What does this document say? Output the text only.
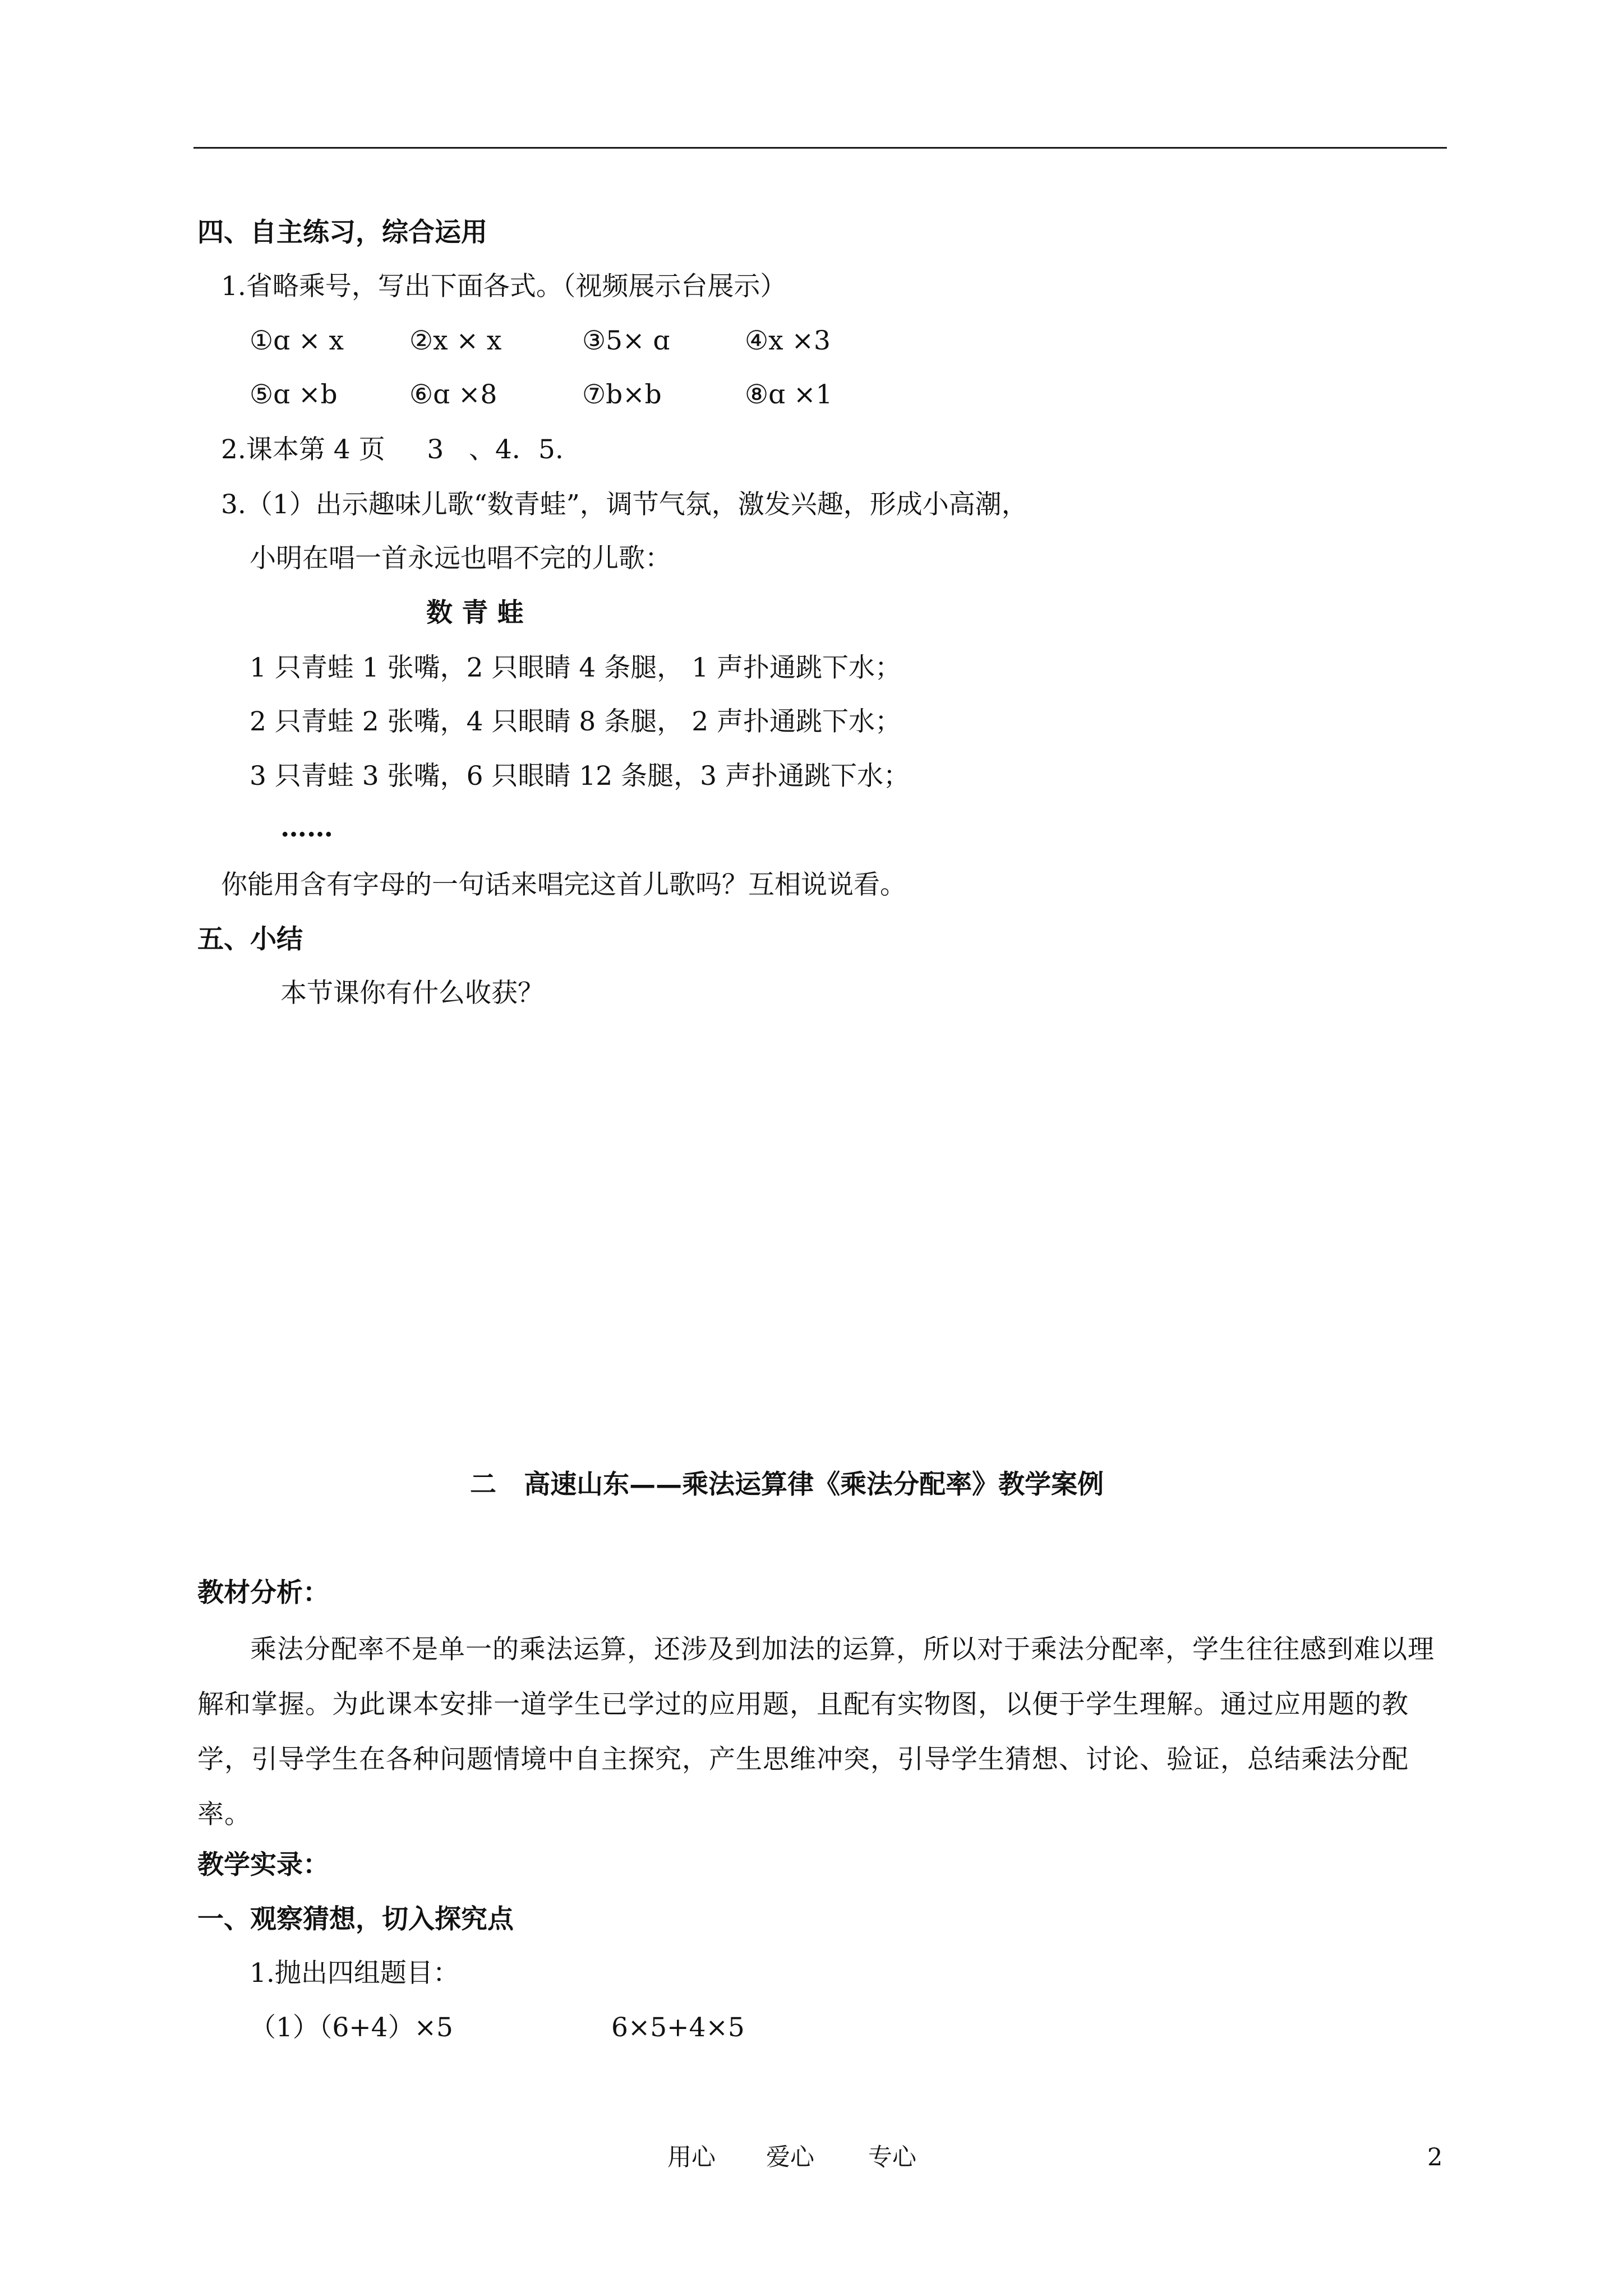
四、自主练习，综合运用
1.省略乘号，写出下面各式。（视频展示台展示）
①ɑ × x ②x × x	③5× ɑ	④x ×3
⑤ɑ ×b	⑥ɑ ×8	⑦b×b	⑧ɑ ×1
2.课本第 4 页     3   、4．5.
3.（1）出示趣味儿歌“数青蛙”，调节气氛，激发兴趣，形成小高潮，
小明在唱一首永远也唱不完的儿歌：
数 青 蛙
1 只青蛙 1 张嘴，2 只眼睛 4 条腿， 1 声扑通跳下水；
2 只青蛙 2 张嘴，4 只眼睛 8 条腿， 2 声扑通跳下水；
3 只青蛙 3 张嘴，6 只眼睛 12 条腿，3 声扑通跳下水；
……
你能用含有字母的一句话来唱完这首儿歌吗？互相说说看。
五、小结
本节课你有什么收获？
二   高速山东——乘法运算律《乘法分配率》教学案例
教材分析：
乘法分配率不是单一的乘法运算，还涉及到加法的运算，所以对于乘法分配率，学生往往感到难以理解和掌握。为此课本安排一道学生已学过的应用题，且配有实物图，以便于学生理解。通过应用题的教学，引导学生在各种问题情境中自主探究，产生思维冲突，引导学生猜想、讨论、验证，总结乘法分配率。
教学实录：
一、观察猜想，切入探究点
1.抛出四组题目：
（1）（6+4）×5	6×5+4×5
用心 爱心 专心	2
